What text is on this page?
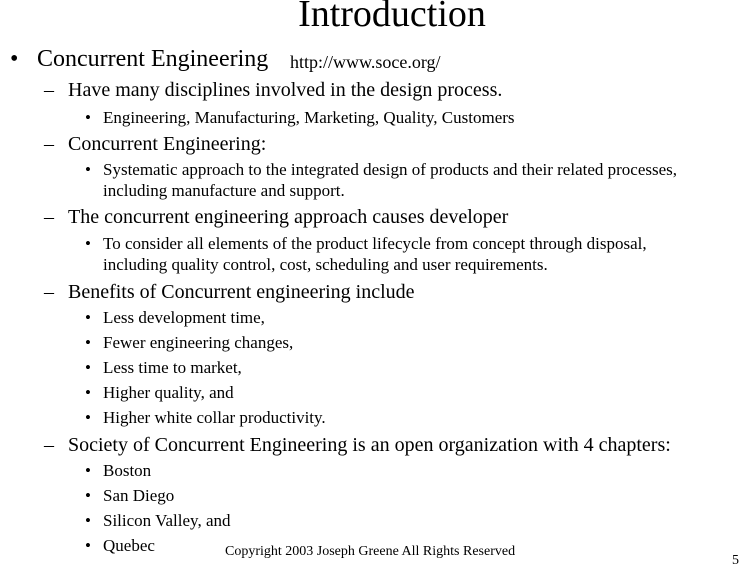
Introduction
• Concurrent Engineering http://www.soce.org/
– Have many disciplines involved in the design process.
• Engineering, Manufacturing, Marketing, Quality, Customers
– Concurrent Engineering:
• Systematic approach to the integrated design of products and their related processes,
including manufacture and support.
– The concurrent engineering approach causes developer
• To consider all elements of the product lifecycle from concept through disposal,
including quality control, cost, scheduling and user requirements.
– Benefits of Concurrent engineering include
• Less development time,
• Fewer engineering changes,
• Less time to market,
• Higher quality, and
• Higher white collar productivity.
– Society of Concurrent Engineering is an open organization with 4 chapters:
• Boston
• San Diego
• Silicon Valley, and
• Quebec	Copyright 2003 Joseph Greene All Rights Reserved
5
